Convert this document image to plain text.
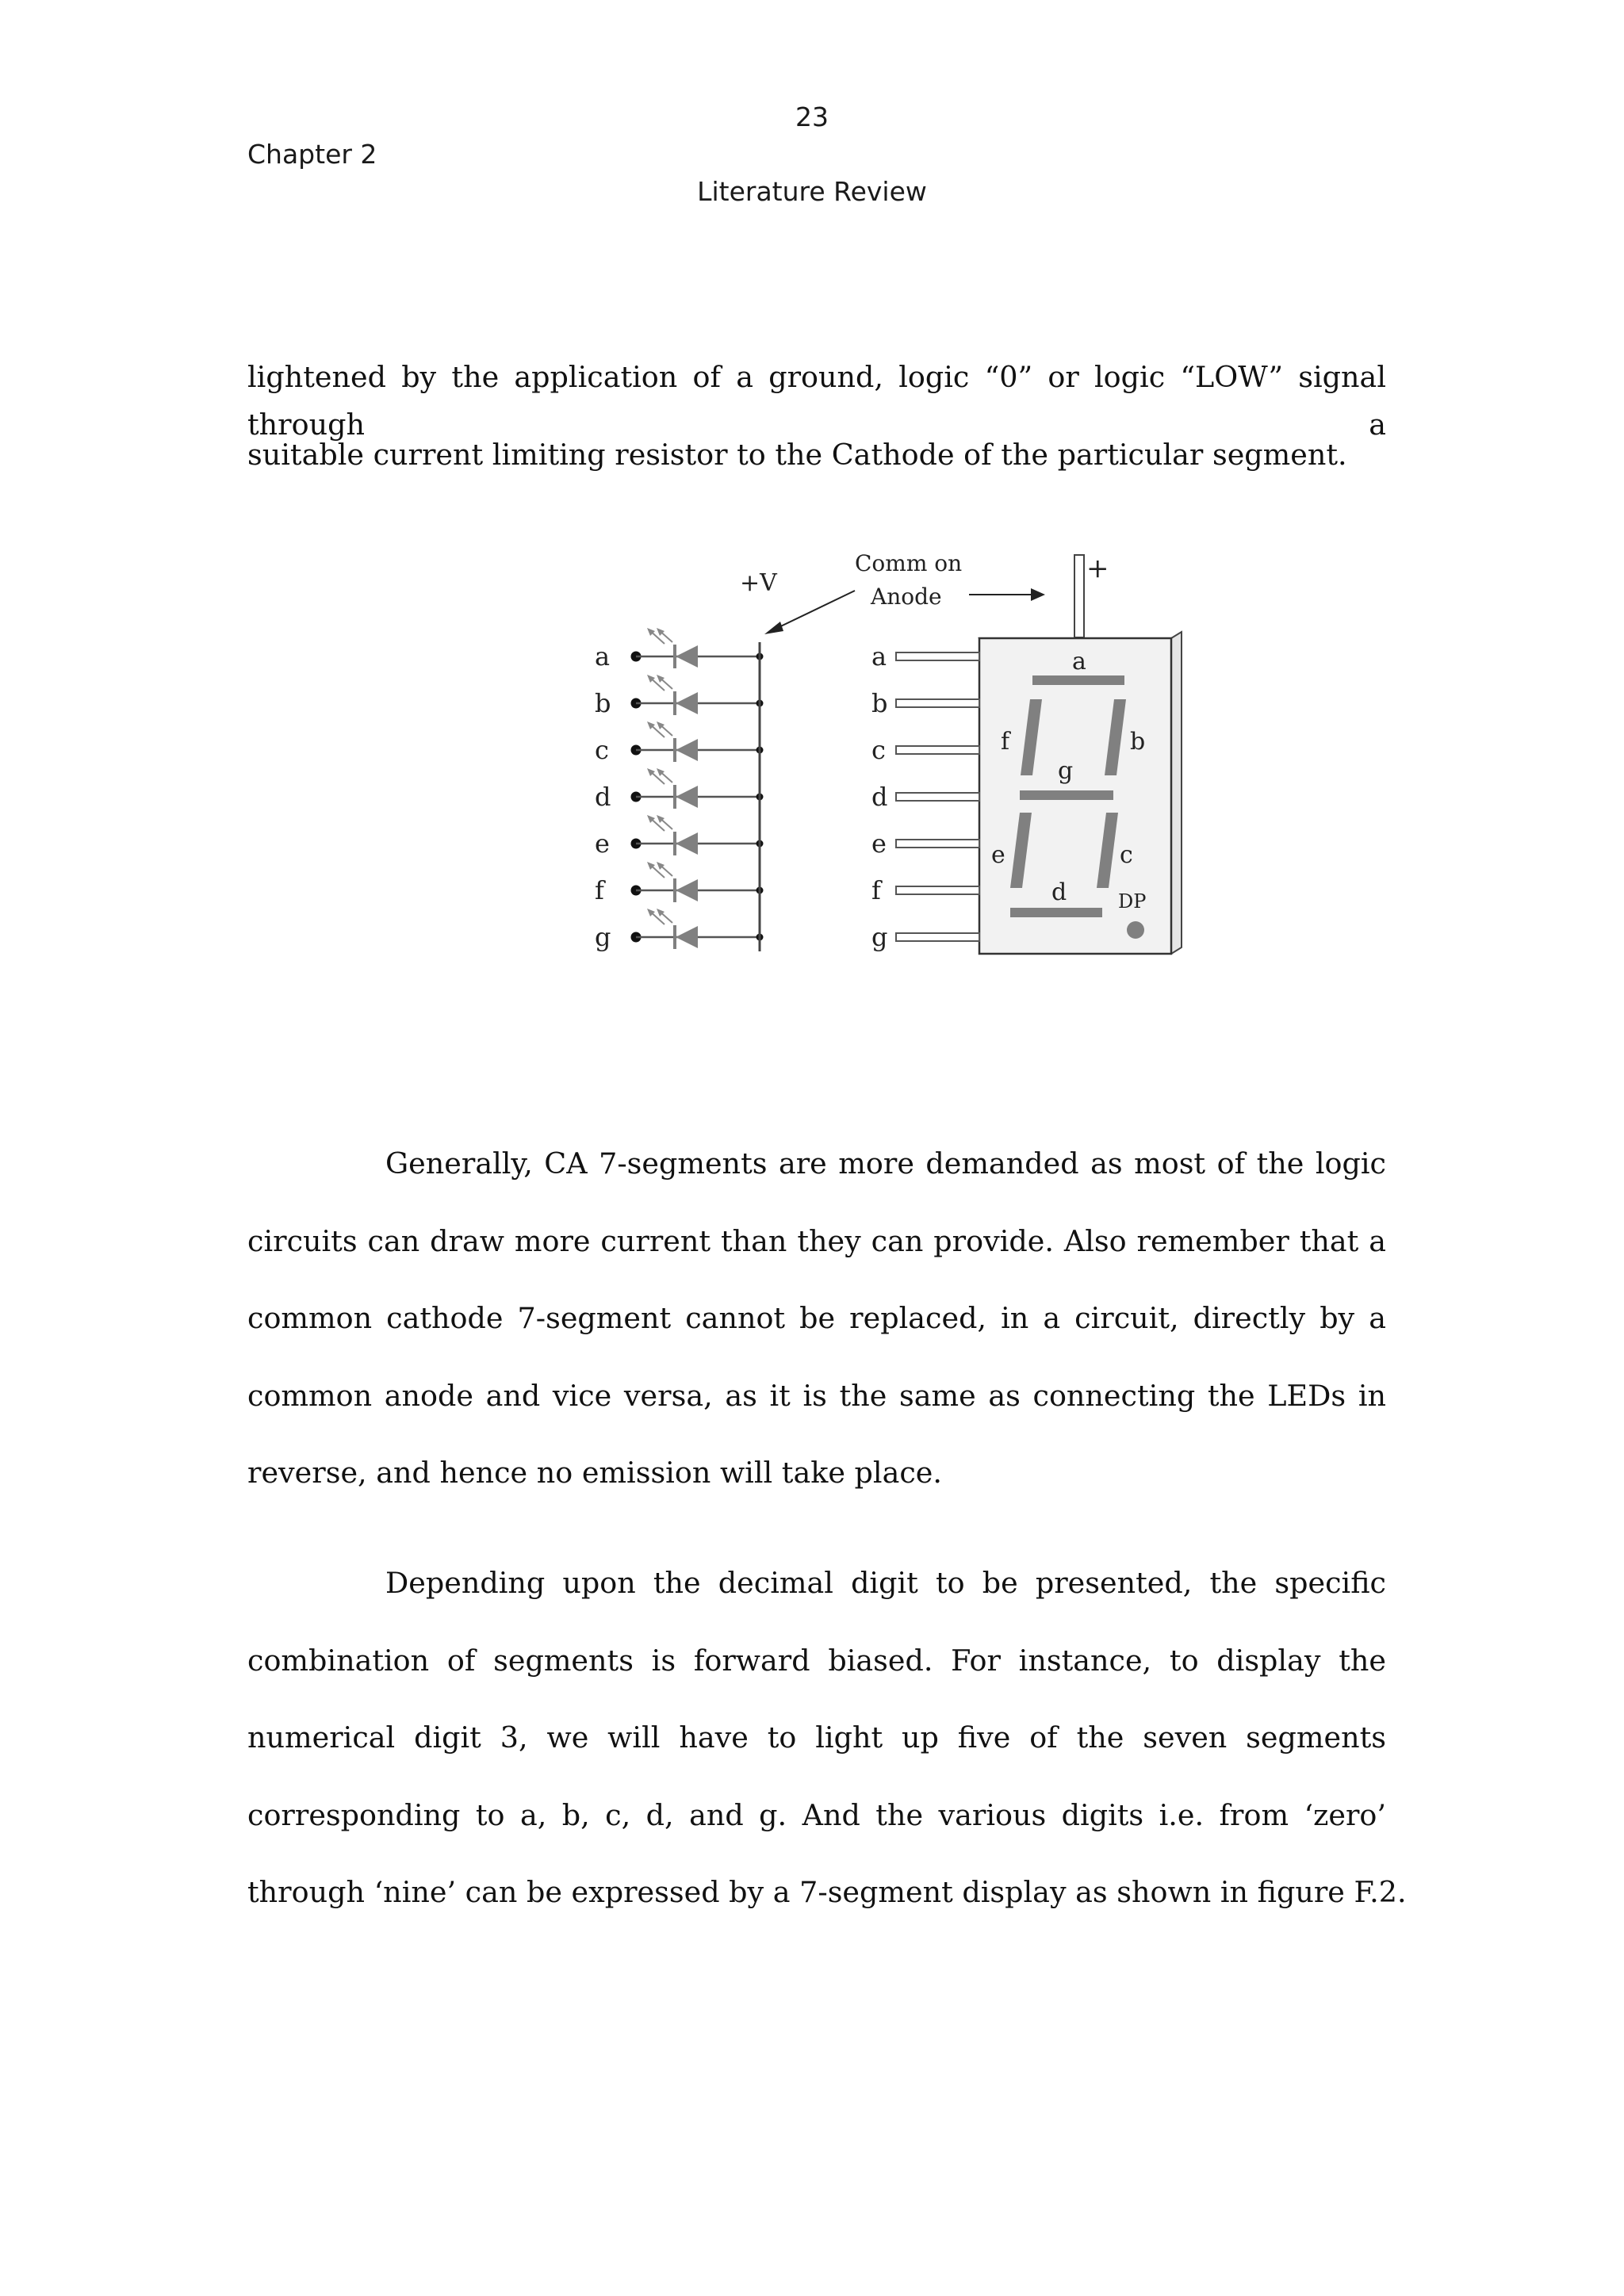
23
Chapter 2
Literature Review
lightened by the application of a ground, logic “0” or logic “LOW” signal through a
suitable current limiting resistor to the Cathode of the particular segment.
a
b
c
d
e
f
g
+V
Comm on
Anode
+
a
b
c
d
e
f
g
a
b
c
d
e
f
g
DP
Generally, CA 7-segments are more demanded as most of the logic
circuits can draw more current than they can provide. Also remember that a
common cathode 7-segment cannot be replaced, in a circuit, directly by a
common anode and vice versa, as it is the same as connecting the LEDs in
reverse, and hence no emission will take place.
Depending upon the decimal digit to be presented, the specific
combination of segments is forward biased. For instance, to display the
numerical digit 3, we will have to light up five of the seven segments
corresponding to a, b, c, d, and g. And the various digits i.e. from ‘zero’
through ‘nine’ can be expressed by a 7-segment display as shown in figure F.2.
